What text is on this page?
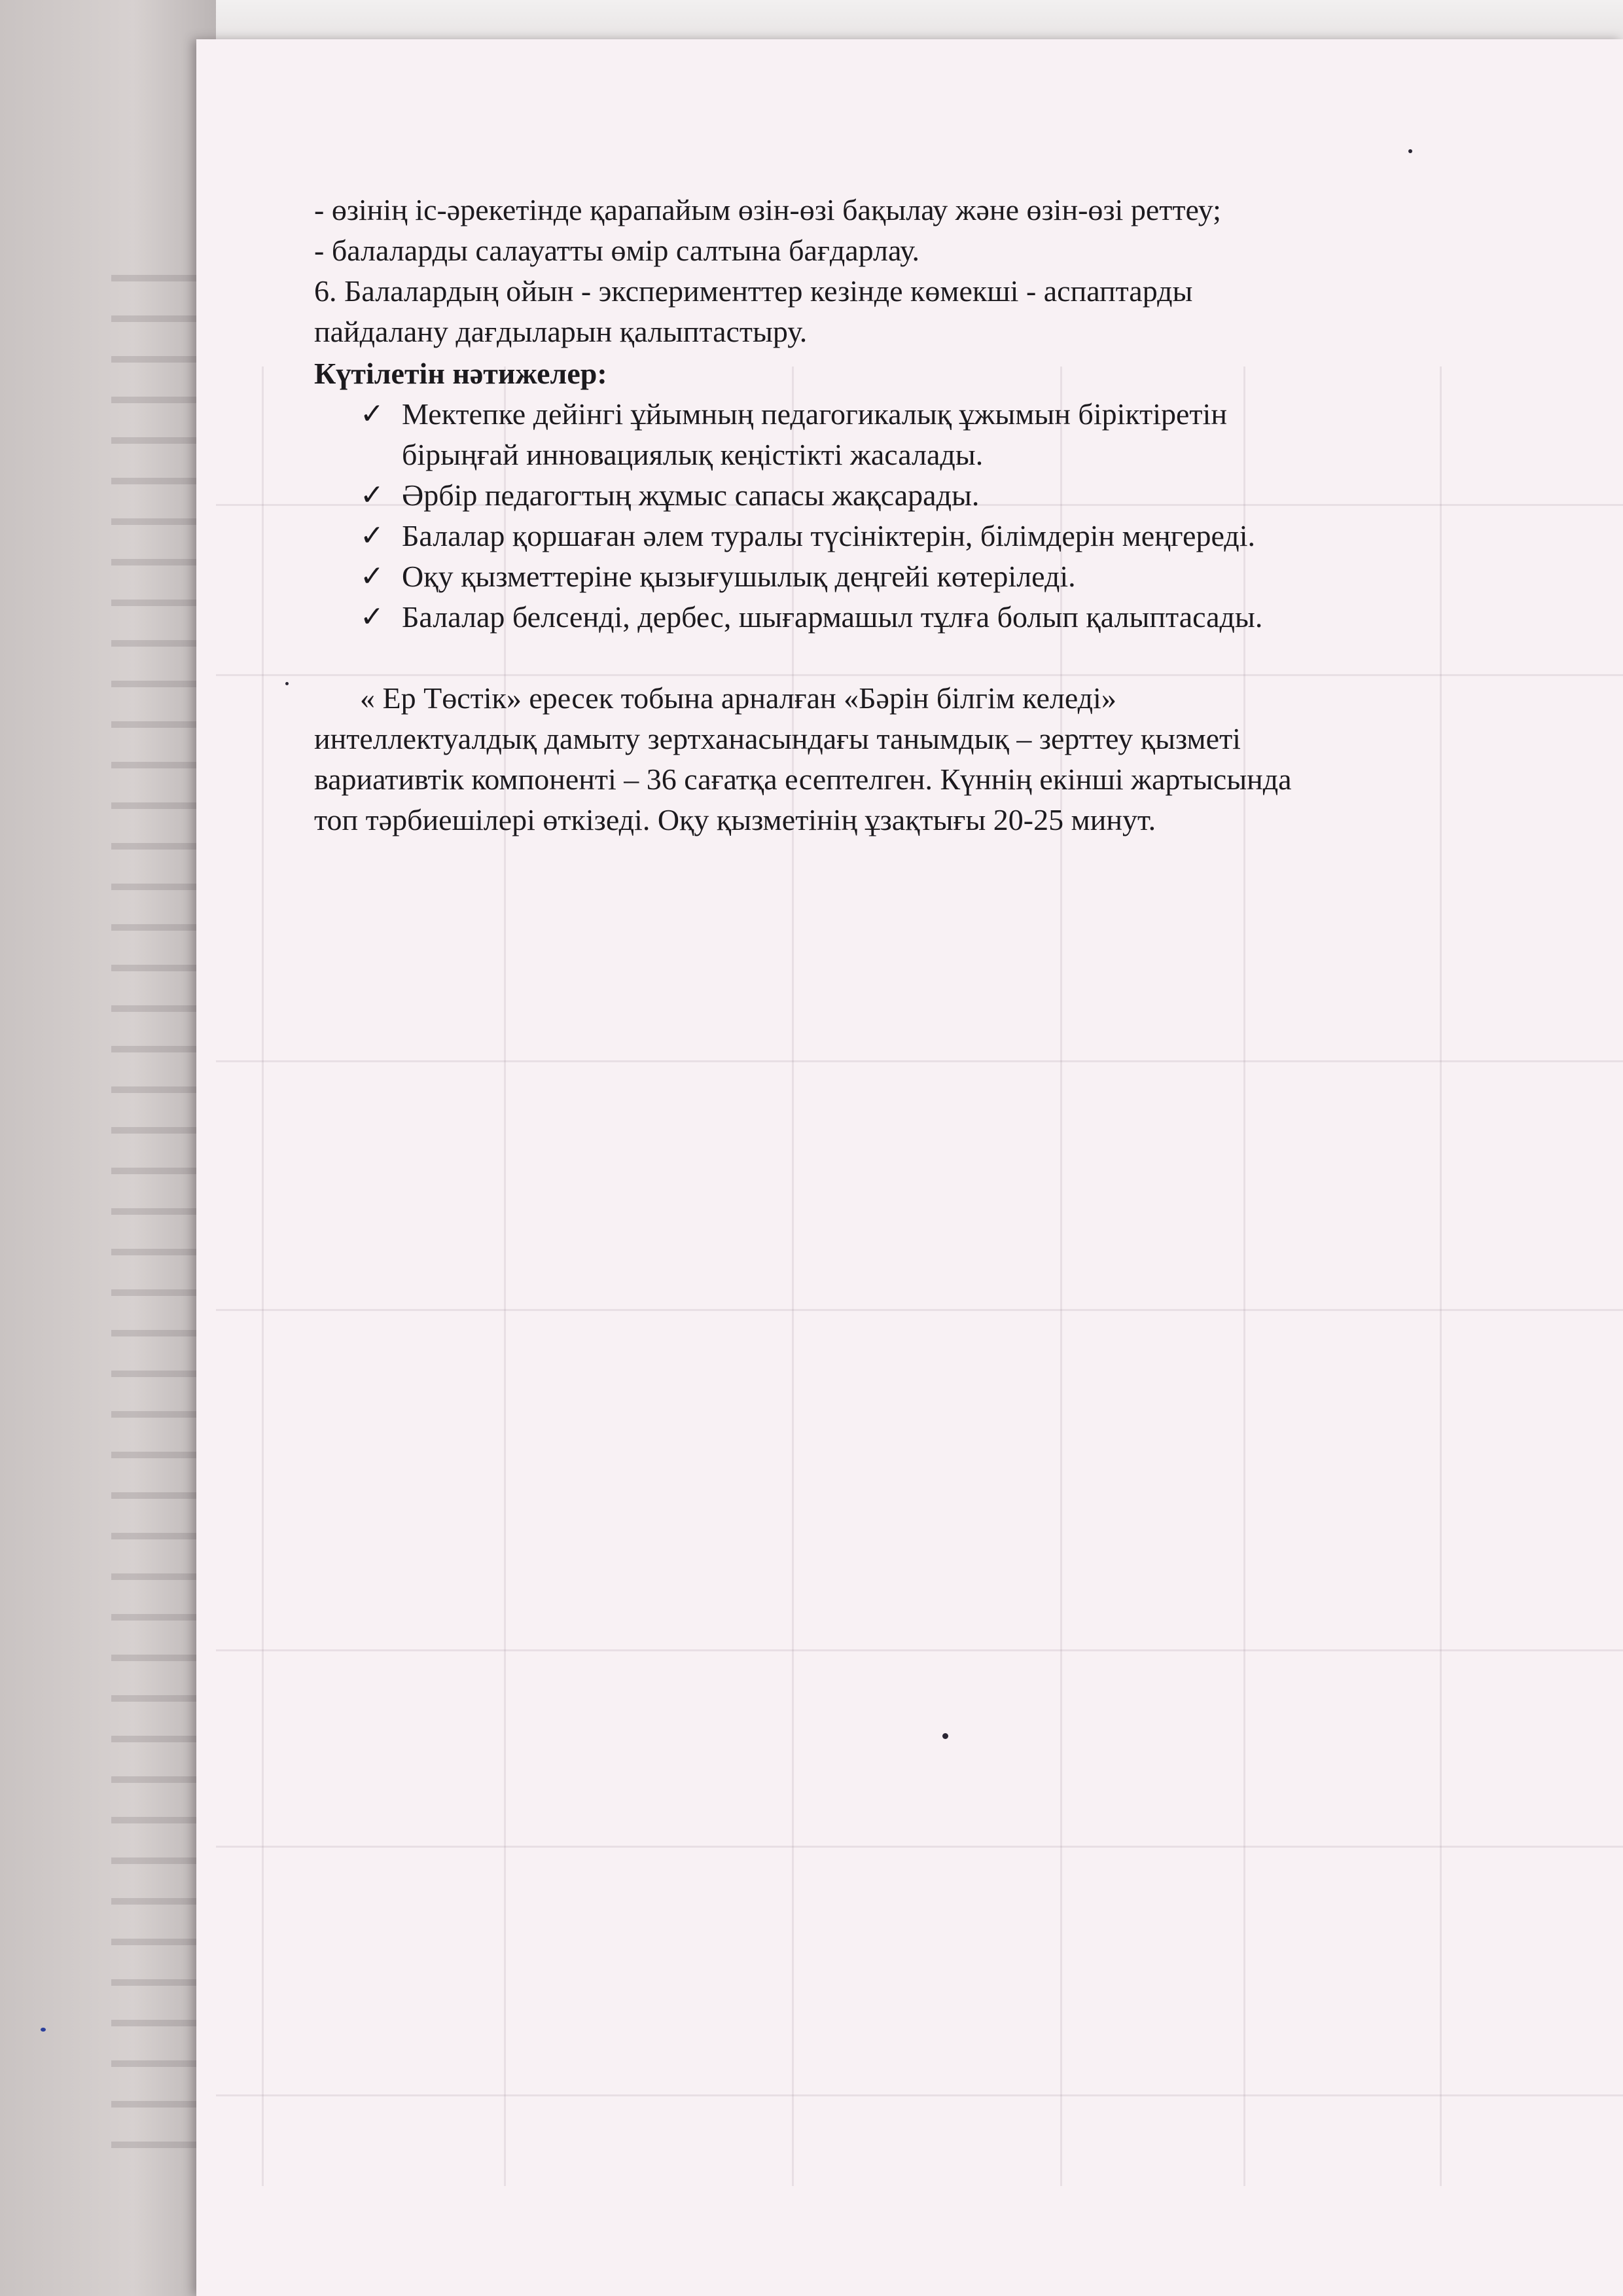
- өзінің іс-әрекетінде қарапайым өзін-өзі бақылау және өзін-өзі реттеу;
- балаларды салауатты өмір салтына бағдарлау.
6. Балалардың ойын - эксперименттер кезінде көмекші - аспаптарды
пайдалану дағдыларын қалыптастыру.
Күтілетін нәтижелер:
✓ Мектепке дейінгі ұйымның педагогикалық ұжымын біріктіретін
бірыңғай инновациялық кеңістікті жасалады.
✓ Әрбір педагогтың жұмыс сапасы жақсарады.
✓ Балалар қоршаған әлем туралы түсініктерін, білімдерін меңгереді.
✓ Оқу қызметтеріне қызығушылық деңгейі көтеріледі.
✓ Балалар белсенді, дербес, шығармашыл тұлға болып қалыптасады.
« Ер Төстік» ересек тобына арналған «Бәрін білгім келеді»
интеллектуалдық дамыту зертханасындағы танымдық – зерттеу қызметі
вариативтік компоненті – 36 сағатқа есептелген. Күннің екінші жартысында
топ тәрбиешілері өткізеді. Оқу қызметінің ұзақтығы 20-25 минут.
